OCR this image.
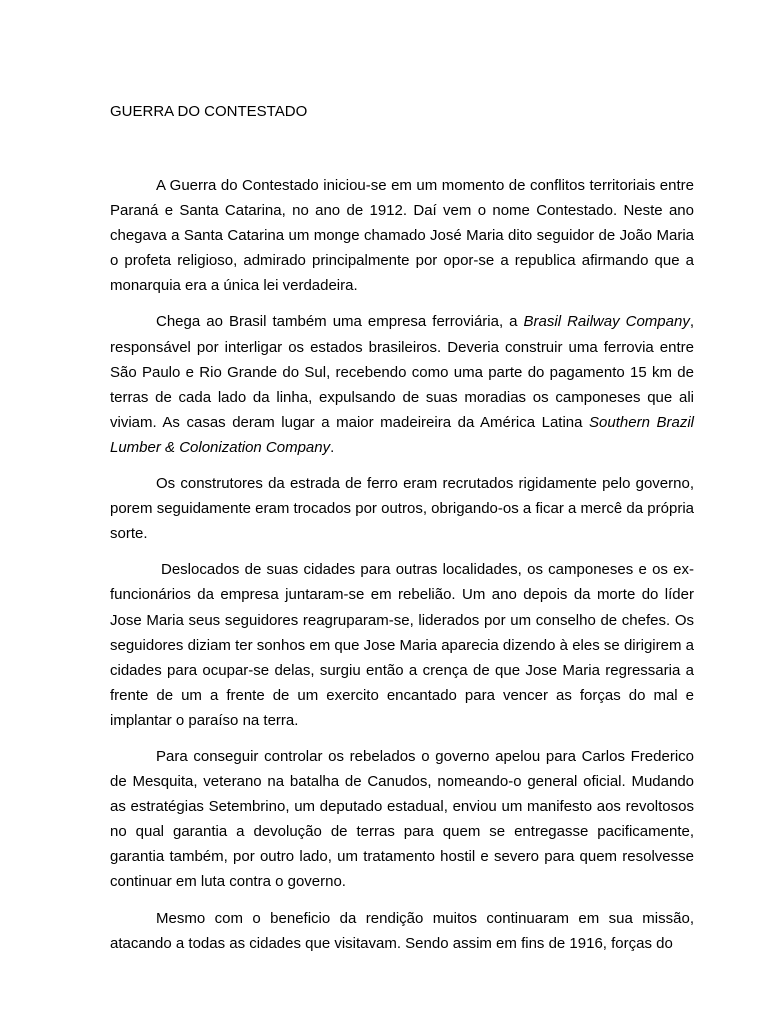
GUERRA DO CONTESTADO

A Guerra do Contestado iniciou-se em um momento de conflitos territoriais entre Paraná e Santa Catarina, no ano de 1912. Daí vem o nome Contestado. Neste ano chegava a Santa Catarina um monge chamado José Maria dito seguidor de João Maria o profeta religioso, admirado principalmente por opor-se a republica afirmando que a monarquia era a única lei verdadeira.

Chega ao Brasil também uma empresa ferroviária, a Brasil Railway Company, responsável por interligar os estados brasileiros. Deveria construir uma ferrovia entre São Paulo e Rio Grande do Sul, recebendo como uma parte do pagamento 15 km de terras de cada lado da linha, expulsando de suas moradias os camponeses que ali viviam. As casas deram lugar a maior madeireira da América Latina Southern Brazil Lumber & Colonization Company.

Os construtores da estrada de ferro eram recrutados rigidamente pelo governo, porem seguidamente eram trocados por outros, obrigando-os a ficar a mercê da própria sorte.

Deslocados de suas cidades para outras localidades, os camponeses e os ex-funcionários da empresa juntaram-se em rebelião. Um ano depois da morte do líder Jose Maria seus seguidores reagruparam-se, liderados por um conselho de chefes. Os seguidores diziam ter sonhos em que Jose Maria aparecia dizendo à eles se dirigirem a cidades para ocupar-se delas, surgiu então a crença de que Jose Maria regressaria a frente de um a frente de um exercito encantado para vencer as forças do mal e implantar o paraíso na terra.

Para conseguir controlar os rebelados o governo apelou para Carlos Frederico de Mesquita, veterano na batalha de Canudos, nomeando-o general oficial. Mudando as estratégias Setembrino, um deputado estadual, enviou um manifesto aos revoltosos no qual garantia a devolução de terras para quem se entregasse pacificamente, garantia também, por outro lado, um tratamento hostil e severo para quem resolvesse continuar em luta contra o governo.

Mesmo com o beneficio da rendição muitos continuaram em sua missão, atacando a todas as cidades que visitavam. Sendo assim em fins de 1916, forças do
